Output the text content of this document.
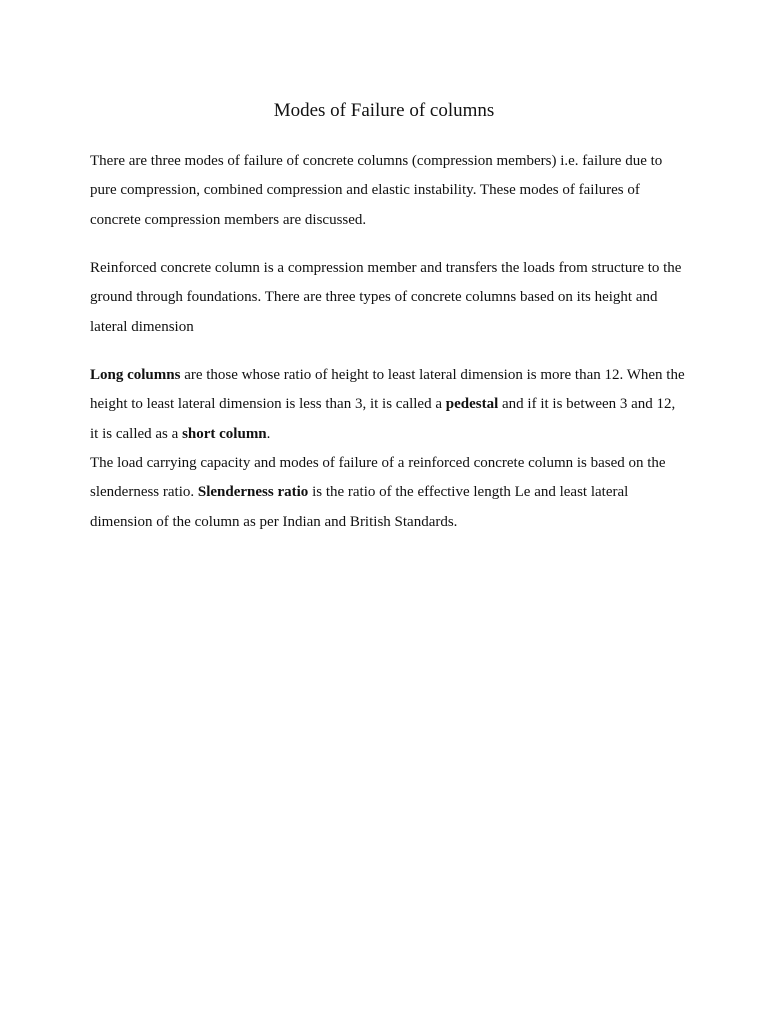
Modes of Failure of columns

There are three modes of failure of concrete columns (compression members) i.e. failure due to pure compression, combined compression and elastic instability. These modes of failures of concrete compression members are discussed.

Reinforced concrete column is a compression member and transfers the loads from structure to the ground through foundations. There are three types of concrete columns based on its height and lateral dimension

Long columns are those whose ratio of height to least lateral dimension is more than 12. When the height to least lateral dimension is less than 3, it is called a pedestal and if it is between 3 and 12, it is called as a short column.

The load carrying capacity and modes of failure of a reinforced concrete column is based on the slenderness ratio. Slenderness ratio is the ratio of the effective length Le and least lateral dimension of the column as per Indian and British Standards.
